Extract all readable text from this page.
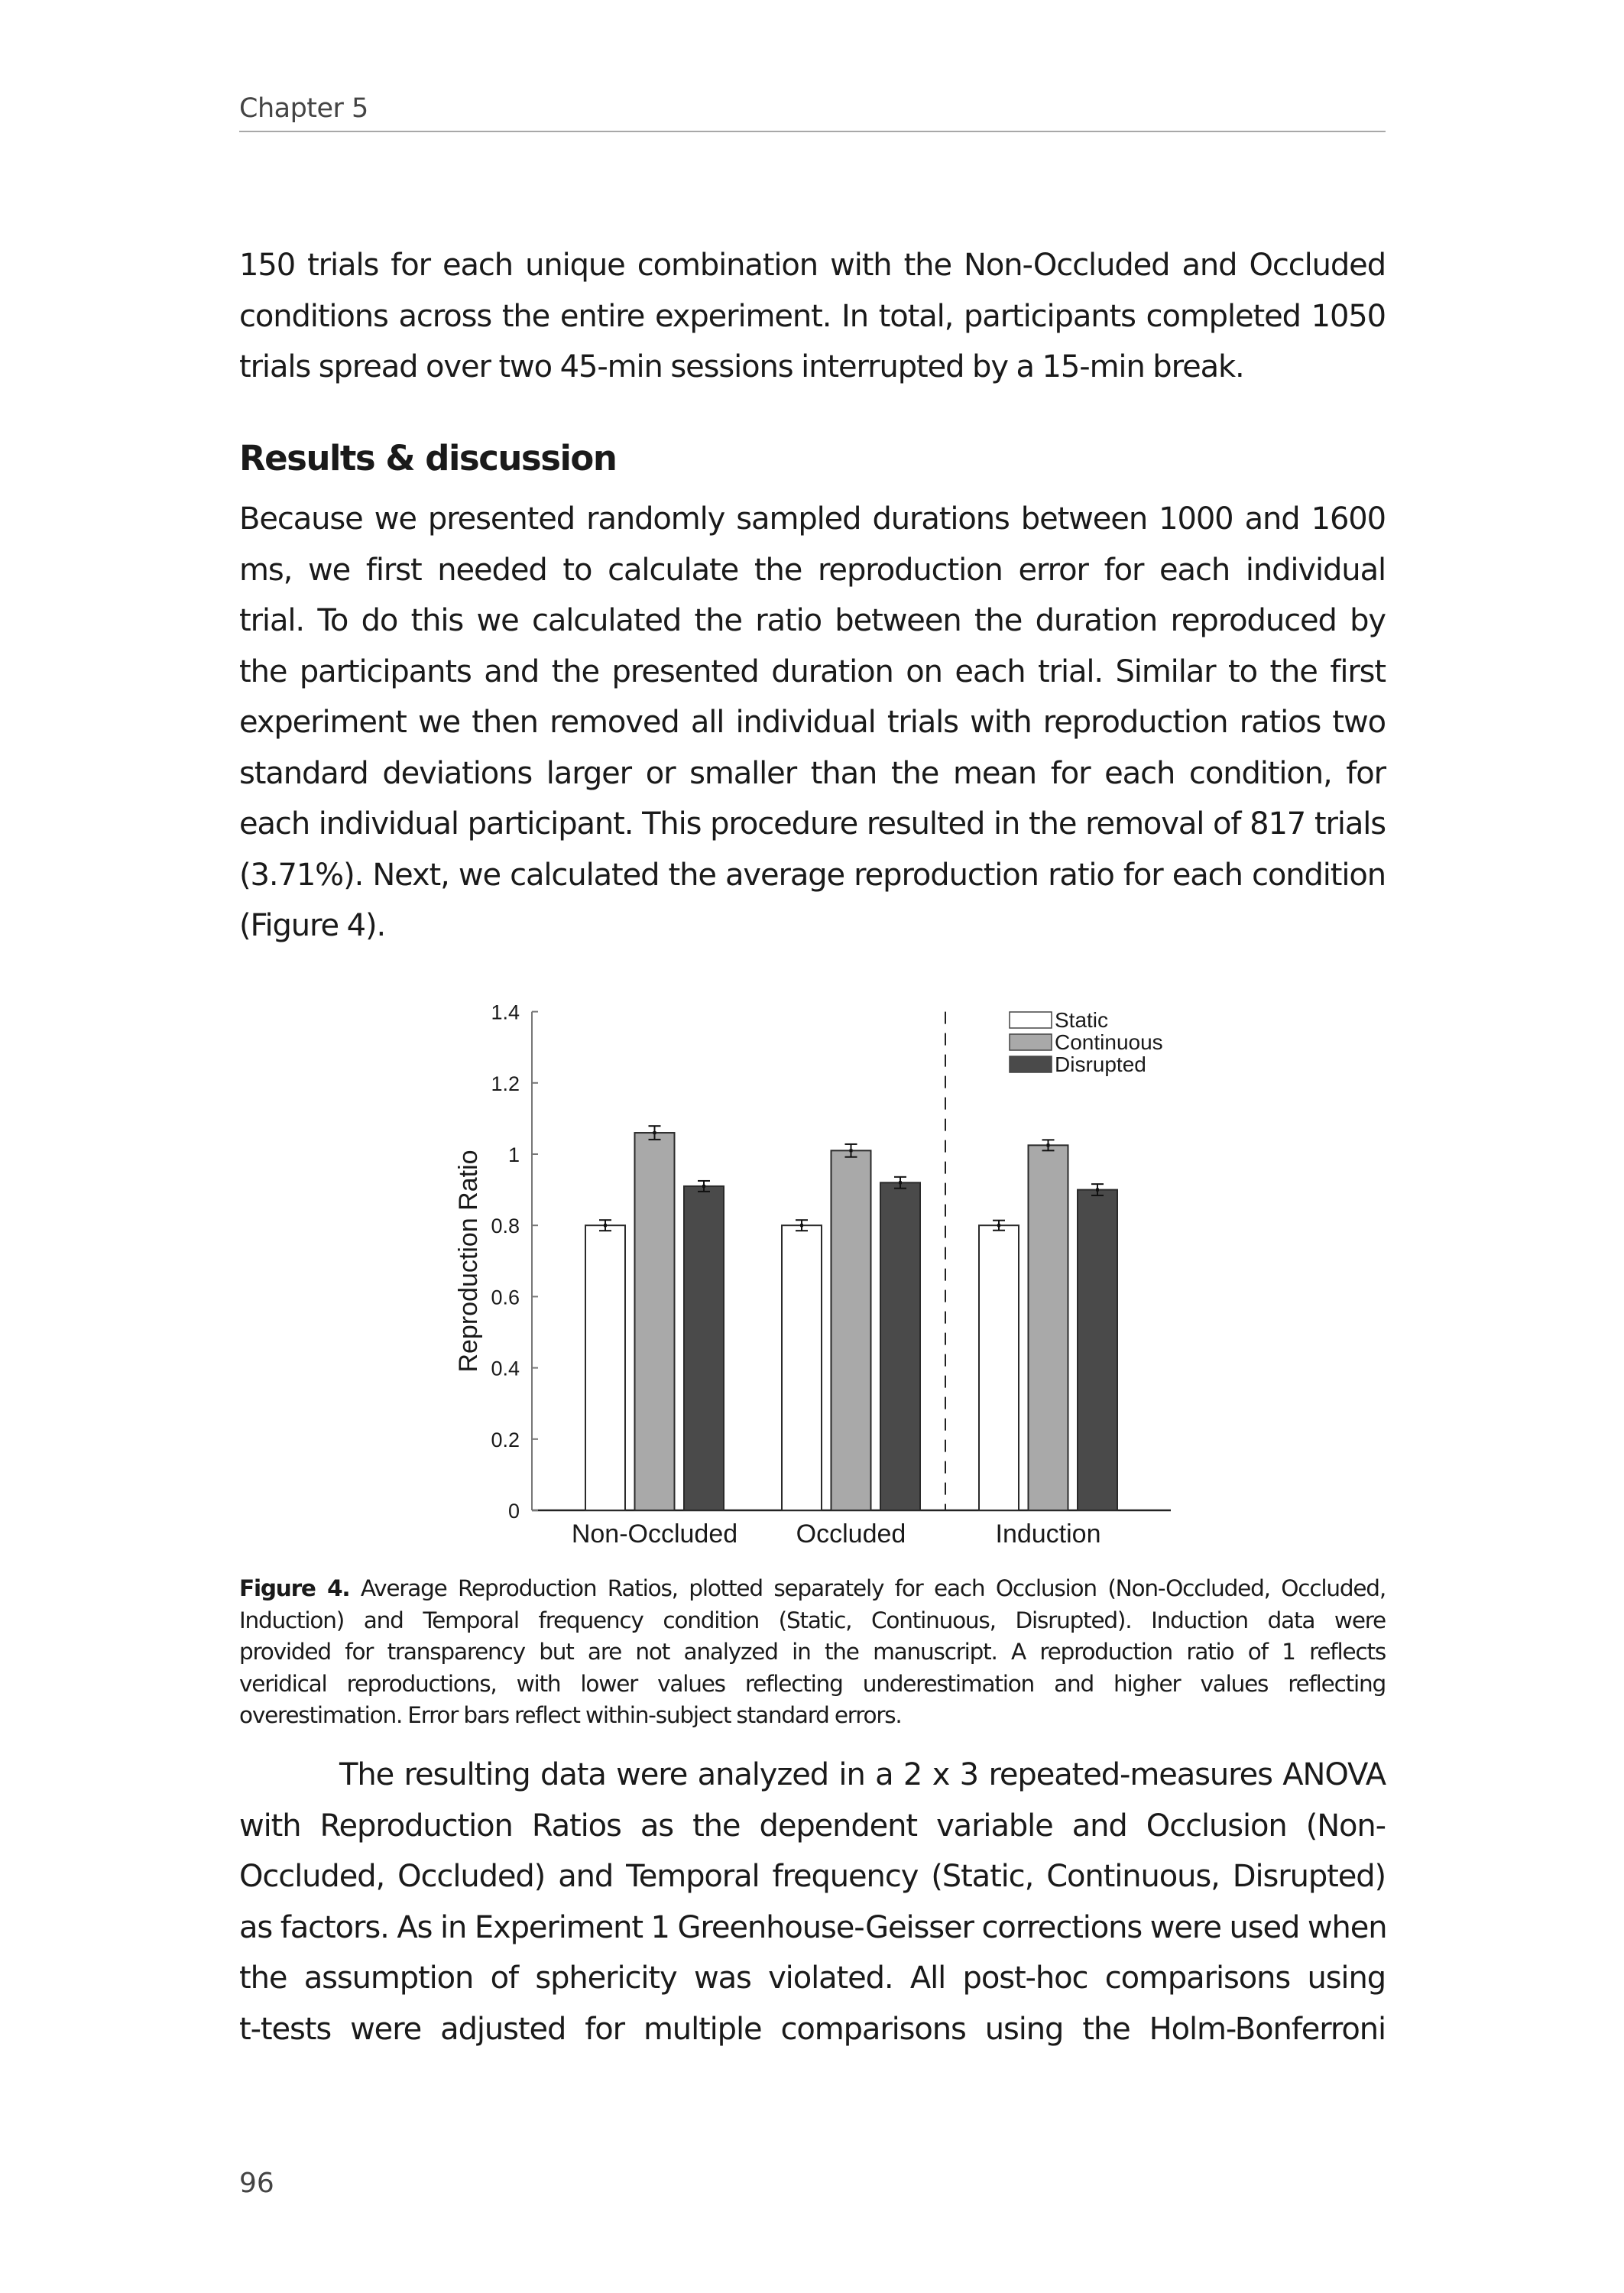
Chapter 5
150 trials for each unique combination with the Non-Occluded and Occluded
conditions across the entire experiment. In total, participants completed 1050
trials spread over two 45-min sessions interrupted by a 15-min break.
Results & discussion
Because we presented randomly sampled durations between 1000 and 1600
ms, we first needed to calculate the reproduction error for each individual
trial. To do this we calculated the ratio between the duration reproduced by
the participants and the presented duration on each trial. Similar to the first
experiment we then removed all individual trials with reproduction ratios two
standard deviations larger or smaller than the mean for each condition, for
each individual participant. This procedure resulted in the removal of 817 trials
(3.71%). Next, we calculated the average reproduction ratio for each condition
(Figure 4).
0
0.2
0.4
0.6
0.8
1
1.4
1.2
Reproduction Ratio
Non-Occluded Occluded	Induction
Static
Continuous
Disrupted
Figure 4. Average Reproduction Ratios, plotted separately for each Occlusion (Non-Occluded, Occluded,
Induction) and Temporal frequency condition (Static, Continuous, Disrupted). Induction data were
provided for transparency but are not analyzed in the manuscript. A reproduction ratio of 1 reflects
veridical reproductions, with lower values reflecting underestimation and higher values reflecting
overestimation. Error bars reflect within-subject standard errors.
The resulting data were analyzed in a 2 x 3 repeated-measures ANOVA
with Reproduction Ratios as the dependent variable and Occlusion (Non-
Occluded, Occluded) and Temporal frequency (Static, Continuous, Disrupted)
as factors. As in Experiment 1 Greenhouse-Geisser corrections were used when
the assumption of sphericity was violated. All post-hoc comparisons using
t-tests were adjusted for multiple comparisons using the Holm-Bonferroni
96
